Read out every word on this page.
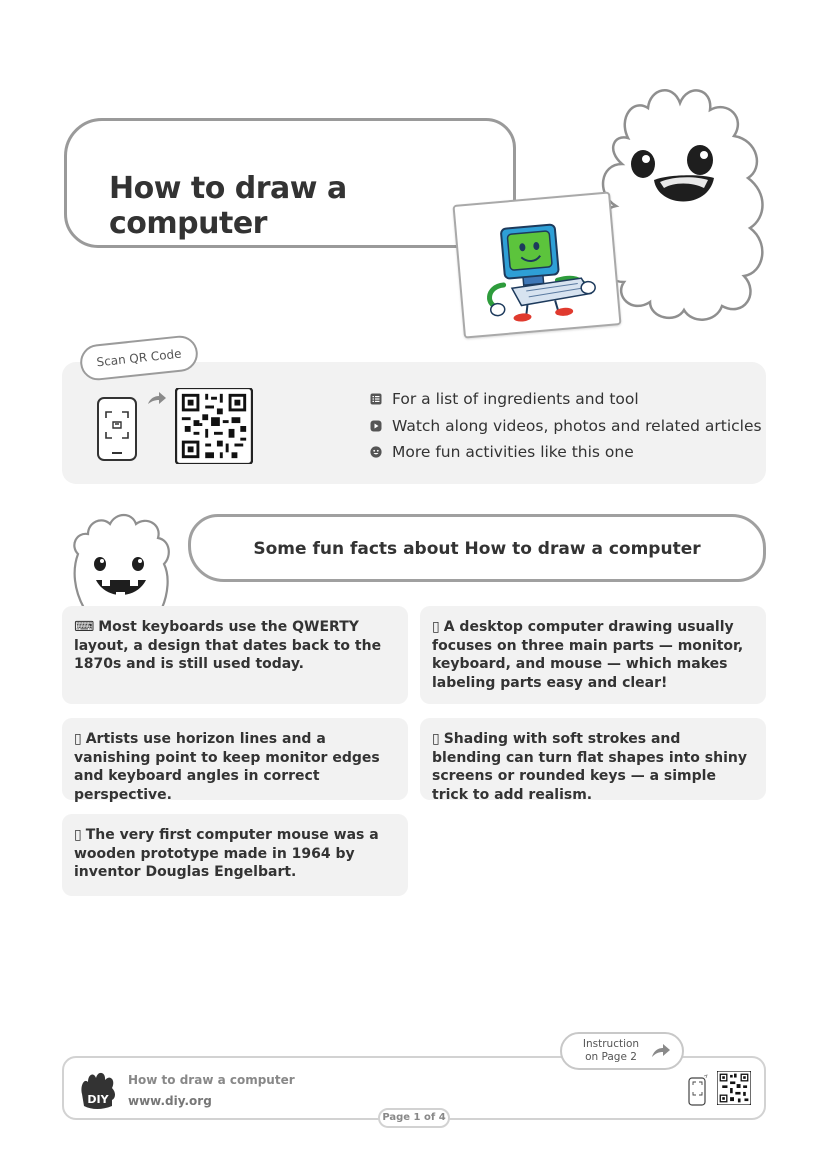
How to draw a computer
Scan QR Code
For a list of ingredients and tool
Watch along videos, photos and related articles
More fun activities like this one
Some fun facts about How to draw a computer
⌨ Most keyboards use the QWERTY layout, a design that dates back to the 1870s and is still used today.
▯ A desktop computer drawing usually focuses on three main parts — monitor, keyboard, and mouse — which makes labeling parts easy and clear!
▯ Artists use horizon lines and a vanishing point to keep monitor edges and keyboard angles in correct perspective.
▯ Shading with soft strokes and blending can turn flat shapes into shiny screens or rounded keys — a simple trick to add realism.
▯ The very first computer mouse was a wooden prototype made in 1964 by inventor Douglas Engelbart.
DIY
How to draw a computer
www.diy.org
Instruction
on Page 2
Page 1 of 4
